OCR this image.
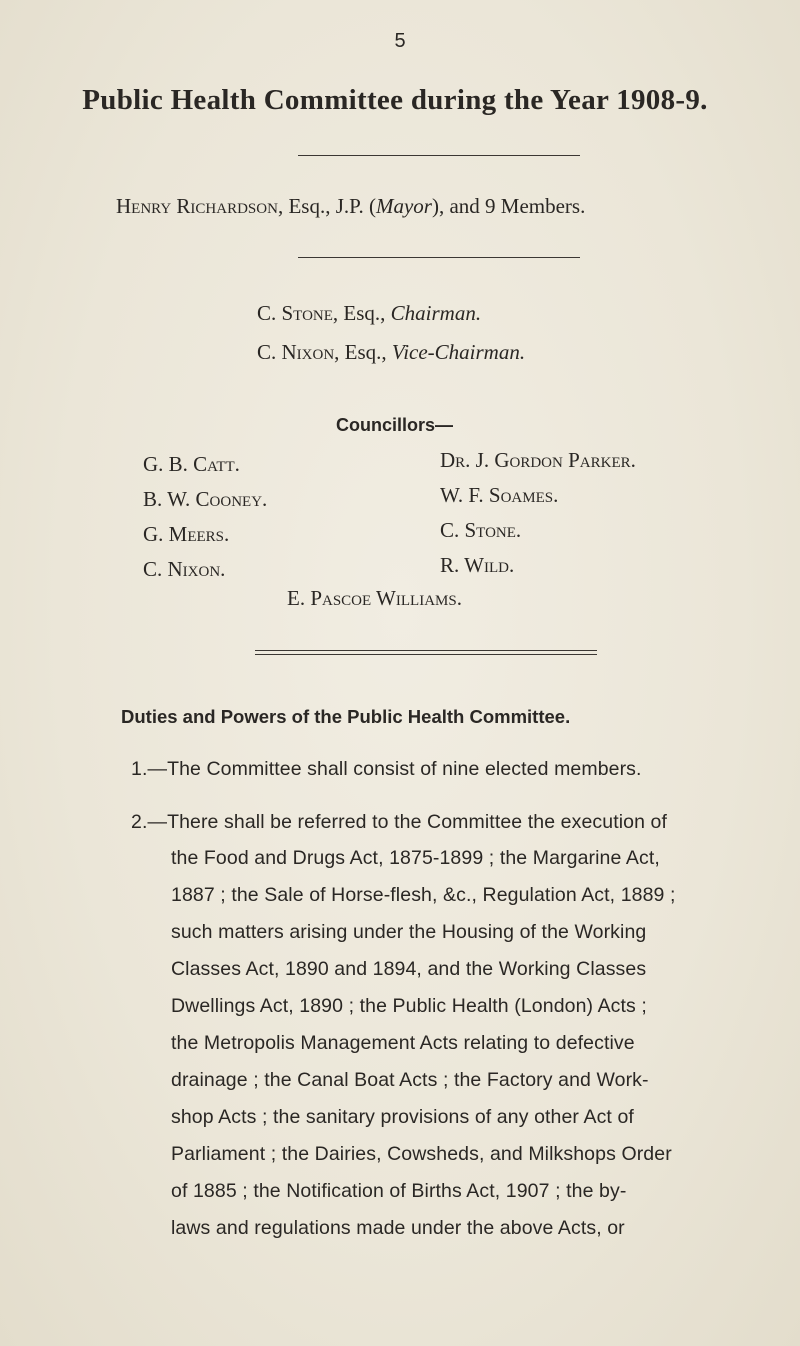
5
Public Health Committee during the Year 1908-9.
Henry Richardson, Esq., J.P. (Mayor), and 9 Members.
C. Stone, Esq., Chairman.
C. Nixon, Esq., Vice-Chairman.
Councillors—
G. B. Catt.
B. W. Cooney.
G. Meers.
C. Nixon.
Dr. J. Gordon Parker.
W. F. Soames.
C. Stone.
R. Wild.
E. Pascoe Williams.
Duties and Powers of the Public Health Committee.
1.—The Committee shall consist of nine elected members.
2.—There shall be referred to the Committee the execution of
the Food and Drugs Act, 1875-1899 ; the Margarine Act,
1887 ; the Sale of Horse-flesh, &c., Regulation Act, 1889 ;
such matters arising under the Housing of the Working
Classes Act, 1890 and 1894, and the Working Classes
Dwellings Act, 1890 ; the Public Health (London) Acts ;
the Metropolis Management Acts relating to defective
drainage ; the Canal Boat Acts ; the Factory and Work-
shop Acts ; the sanitary provisions of any other Act of
Parliament ; the Dairies, Cowsheds, and Milkshops Order
of 1885 ; the Notification of Births Act, 1907 ; the by-
laws and regulations made under the above Acts, or
